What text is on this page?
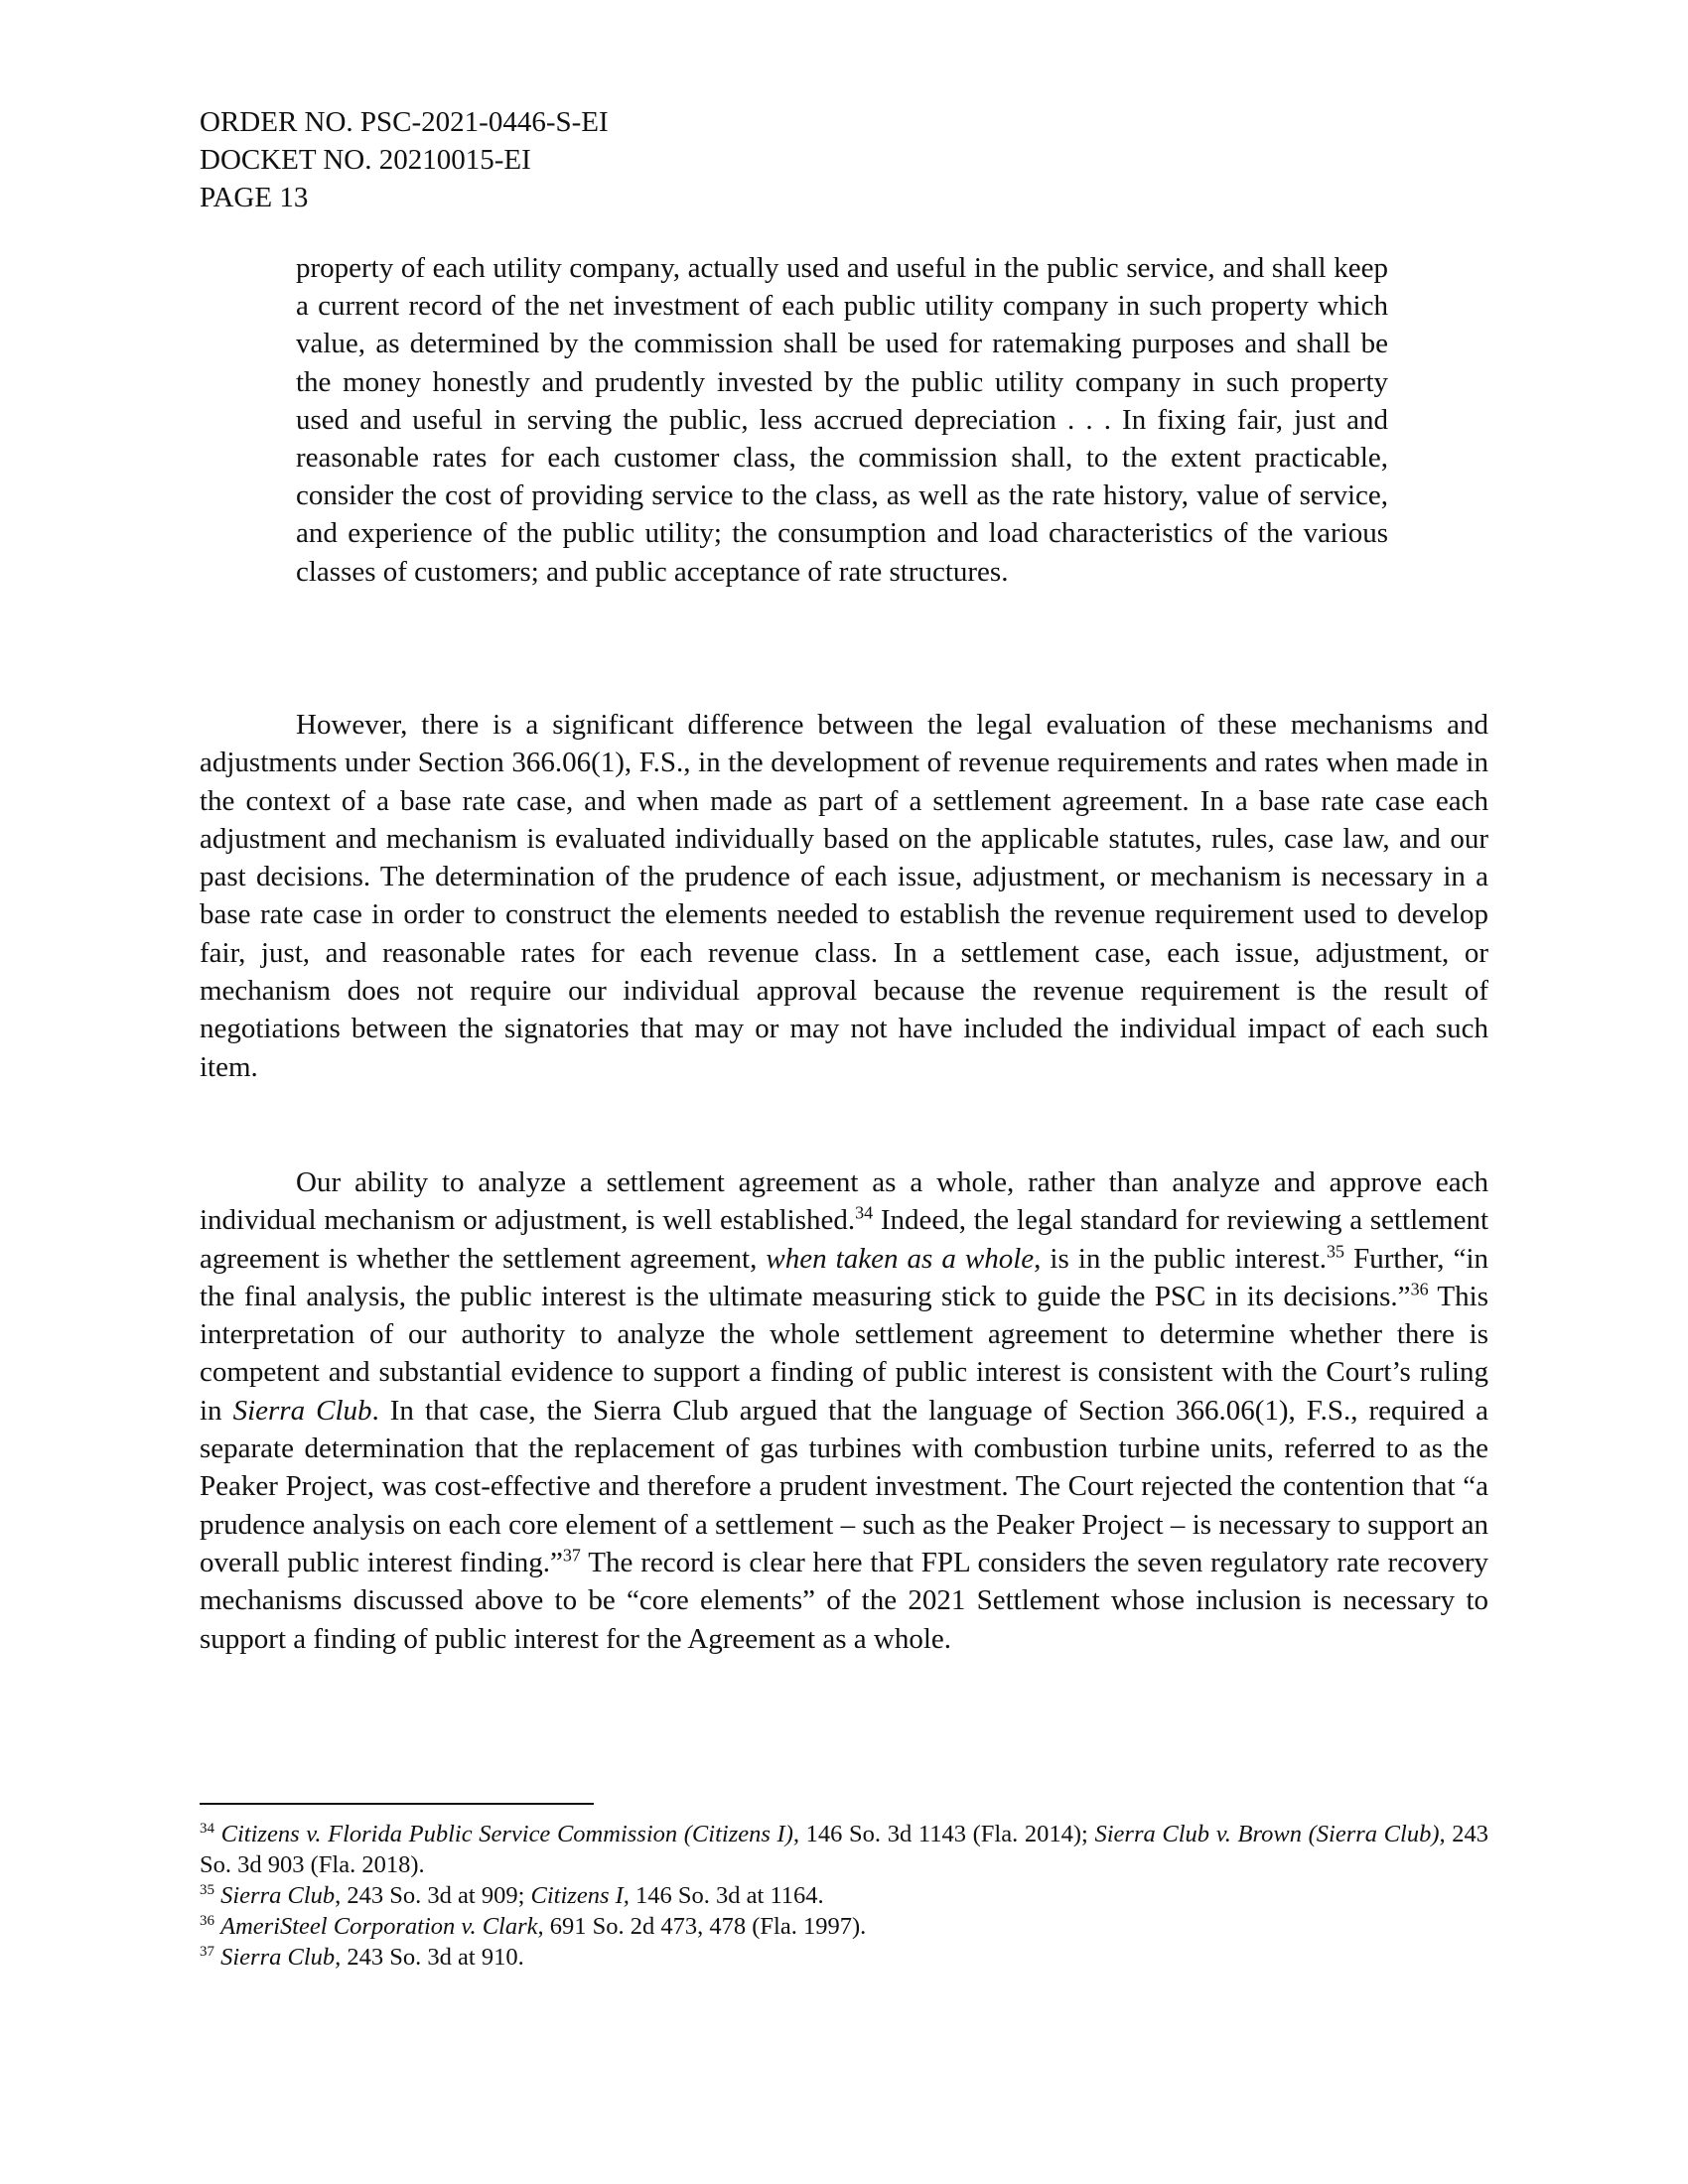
ORDER NO. PSC-2021-0446-S-EI
DOCKET NO. 20210015-EI
PAGE 13
property of each utility company, actually used and useful in the public service, and shall keep a current record of the net investment of each public utility company in such property which value, as determined by the commission shall be used for ratemaking purposes and shall be the money honestly and prudently invested by the public utility company in such property used and useful in serving the public, less accrued depreciation . . . In fixing fair, just and reasonable rates for each customer class, the commission shall, to the extent practicable, consider the cost of providing service to the class, as well as the rate history, value of service, and experience of the public utility; the consumption and load characteristics of the various classes of customers; and public acceptance of rate structures.
However, there is a significant difference between the legal evaluation of these mechanisms and adjustments under Section 366.06(1), F.S., in the development of revenue requirements and rates when made in the context of a base rate case, and when made as part of a settlement agreement. In a base rate case each adjustment and mechanism is evaluated individually based on the applicable statutes, rules, case law, and our past decisions. The determination of the prudence of each issue, adjustment, or mechanism is necessary in a base rate case in order to construct the elements needed to establish the revenue requirement used to develop fair, just, and reasonable rates for each revenue class. In a settlement case, each issue, adjustment, or mechanism does not require our individual approval because the revenue requirement is the result of negotiations between the signatories that may or may not have included the individual impact of each such item.
Our ability to analyze a settlement agreement as a whole, rather than analyze and approve each individual mechanism or adjustment, is well established.$^{34}$ Indeed, the legal standard for reviewing a settlement agreement is whether the settlement agreement, when taken as a whole, is in the public interest.$^{35}$ Further, “in the final analysis, the public interest is the ultimate measuring stick to guide the PSC in its decisions.”$^{36}$ This interpretation of our authority to analyze the whole settlement agreement to determine whether there is competent and substantial evidence to support a finding of public interest is consistent with the Court’s ruling in Sierra Club. In that case, the Sierra Club argued that the language of Section 366.06(1), F.S., required a separate determination that the replacement of gas turbines with combustion turbine units, referred to as the Peaker Project, was cost-effective and therefore a prudent investment. The Court rejected the contention that “a prudence analysis on each core element of a settlement – such as the Peaker Project – is necessary to support an overall public interest finding.”$^{37}$ The record is clear here that FPL considers the seven regulatory rate recovery mechanisms discussed above to be “core elements” of the 2021 Settlement whose inclusion is necessary to support a finding of public interest for the Agreement as a whole.
$^{34}$ Citizens v. Florida Public Service Commission (Citizens I), 146 So. 3d 1143 (Fla. 2014); Sierra Club v. Brown (Sierra Club), 243 So. 3d 903 (Fla. 2018).
$^{35}$ Sierra Club, 243 So. 3d at 909; Citizens I, 146 So. 3d at 1164.
$^{36}$ AmeriSteel Corporation v. Clark, 691 So. 2d 473, 478 (Fla. 1997).
$^{37}$ Sierra Club, 243 So. 3d at 910.
